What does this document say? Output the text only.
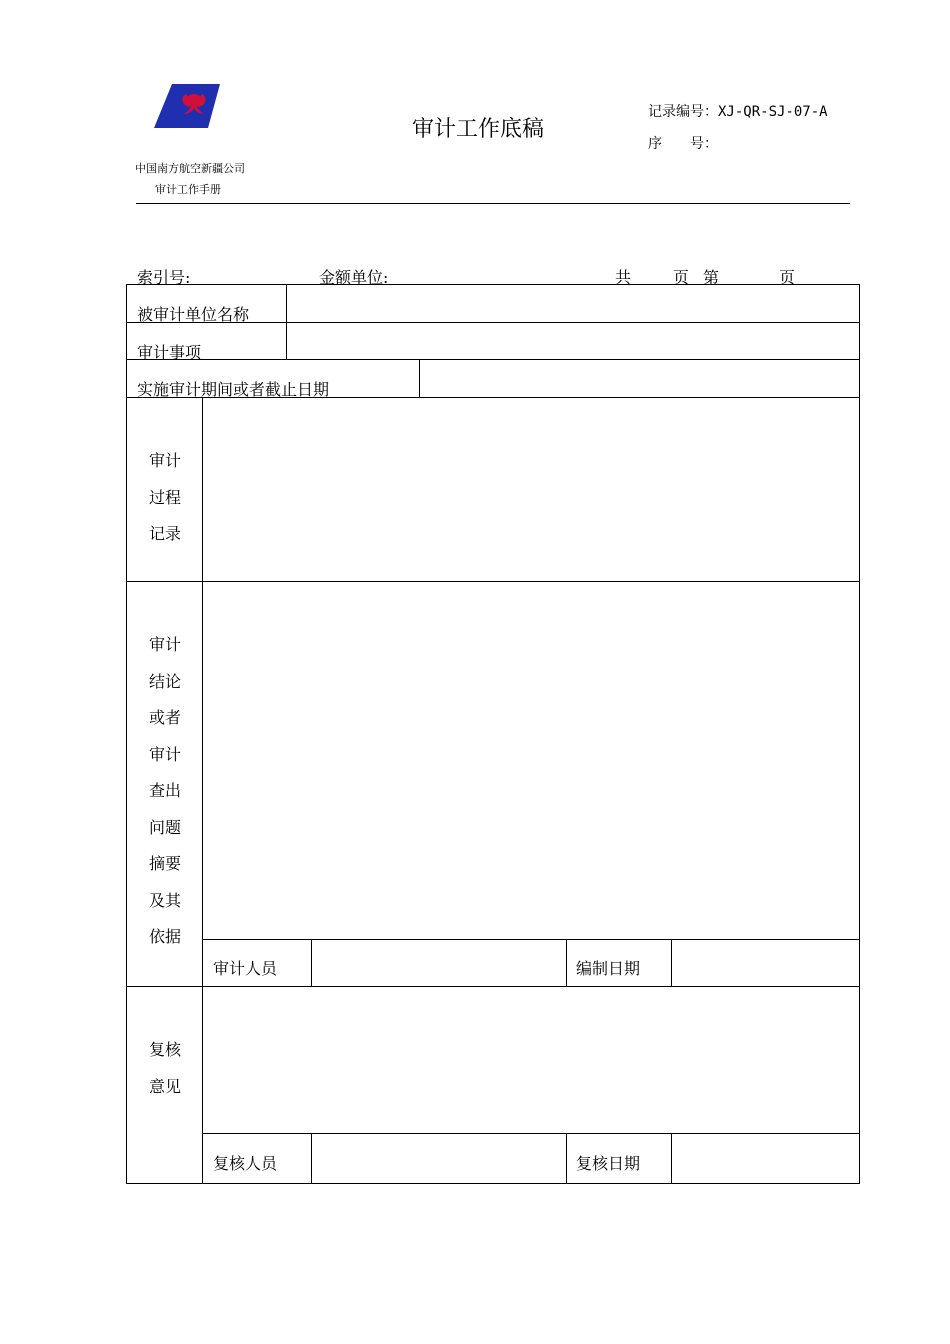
中国南方航空新疆公司
审计工作手册
审计工作底稿
记录编号：XJ-QR-SJ-07-A
序　　号：
索引号:	金额单位:	共	页 第	页
被审计单位名称
审计事项
实施审计期间或者截止日期
审计
过程
记录
审计
结论
或者
审计
查出
问题
摘要
及其
依据
审计人员	编制日期
复核
意见
复核人员	复核日期
